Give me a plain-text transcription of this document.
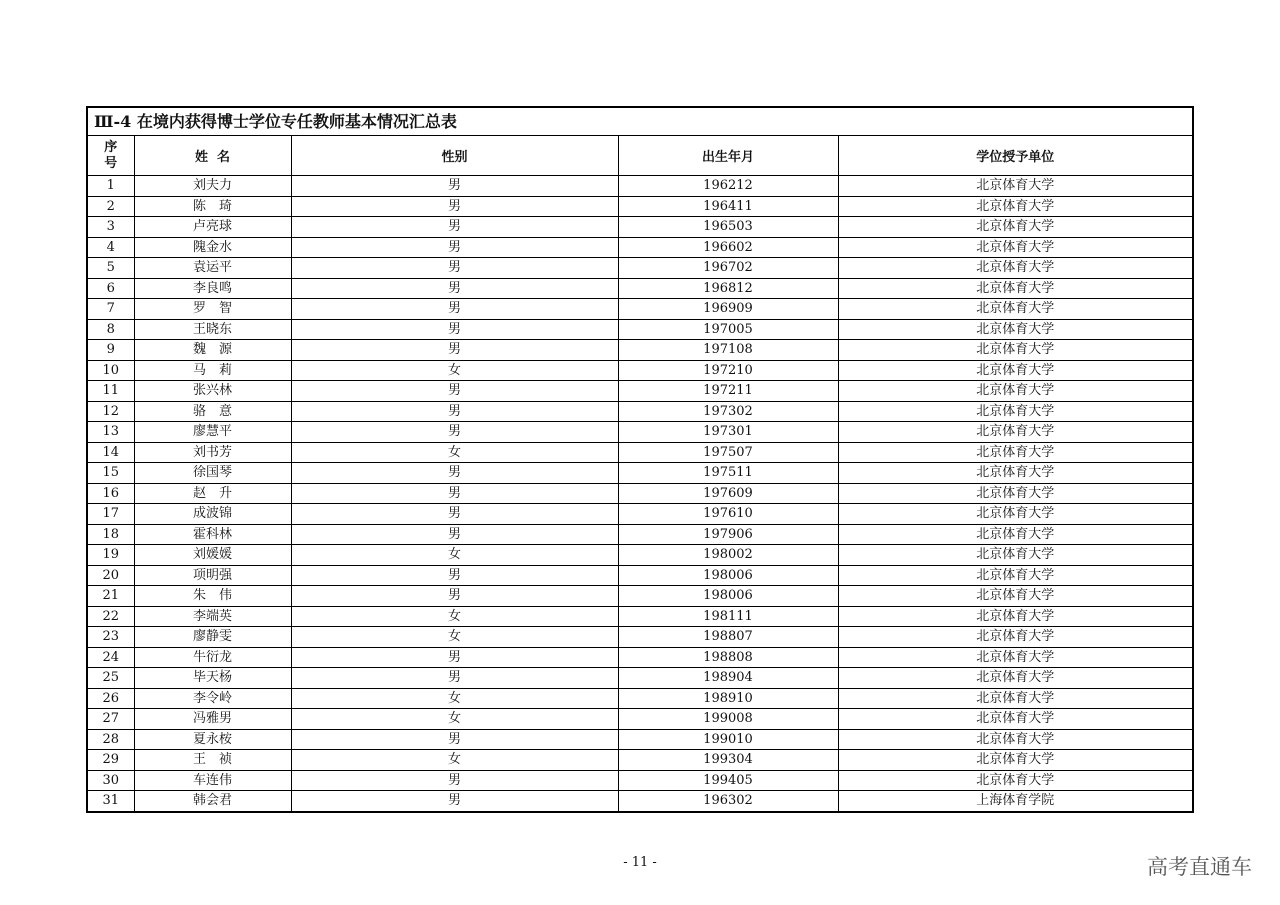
Ⅲ-4 在境内获得博士学位专任教师基本情况汇总表
序号	姓  名	性别	出生年月	学位授予单位
1	刘夫力	男	196212	北京体育大学
2	陈　琦	男	196411	北京体育大学
3	卢亮球	男	196503	北京体育大学
4	隗金水	男	196602	北京体育大学
5	袁运平	男	196702	北京体育大学
6	李良鸣	男	196812	北京体育大学
7	罗　智	男	196909	北京体育大学
8	王晓东	男	197005	北京体育大学
9	魏　源	男	197108	北京体育大学
10	马　莉	女	197210	北京体育大学
11	张兴林	男	197211	北京体育大学
12	骆　意	男	197302	北京体育大学
13	廖慧平	男	197301	北京体育大学
14	刘书芳	女	197507	北京体育大学
15	徐国琴	男	197511	北京体育大学
16	赵　升	男	197609	北京体育大学
17	成波锦	男	197610	北京体育大学
18	霍科林	男	197906	北京体育大学
19	刘媛媛	女	198002	北京体育大学
20	项明强	男	198006	北京体育大学
21	朱　伟	男	198006	北京体育大学
22	李端英	女	198111	北京体育大学
23	廖静雯	女	198807	北京体育大学
24	牛衍龙	男	198808	北京体育大学
25	毕天杨	男	198904	北京体育大学
26	李令岭	女	198910	北京体育大学
27	冯雅男	女	199008	北京体育大学
28	夏永桉	男	199010	北京体育大学
29	王　祯	女	199304	北京体育大学
30	车连伟	男	199405	北京体育大学
31	韩会君	男	196302	上海体育学院
- 11 -	高考直通车
